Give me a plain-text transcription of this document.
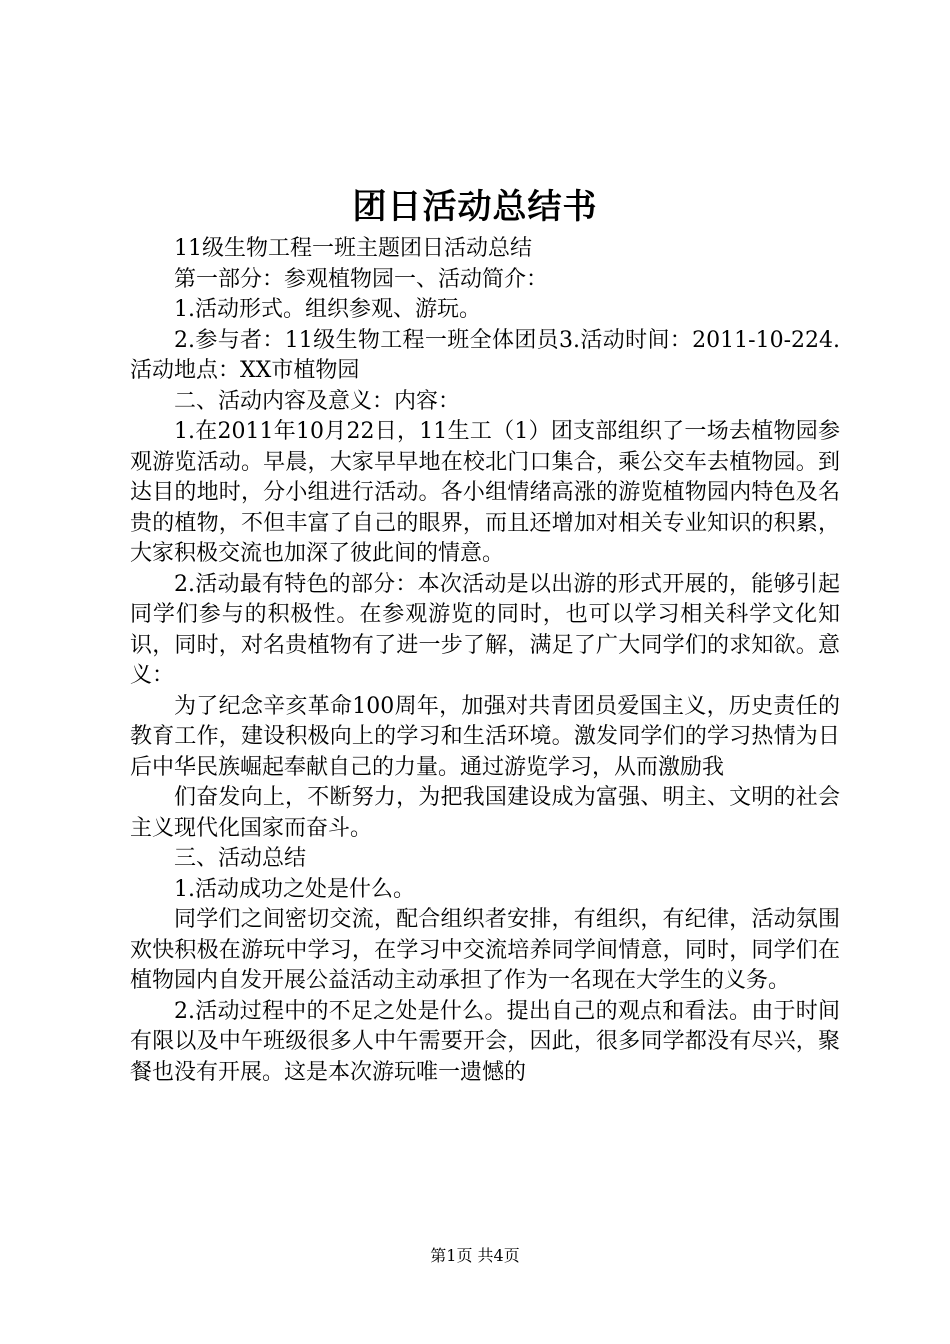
团日活动总结书

11级生物工程一班主题团日活动总结

第一部分：参观植物园一、活动简介：

1.活动形式。组织参观、游玩。

2.参与者：11级生物工程一班全体团员3.活动时间：2011-10-224.活动地点：XX市植物园

二、活动内容及意义：内容：

1.在2011年10月22日，11生工（1）团支部组织了一场去植物园参观游览活动。早晨，大家早早地在校北门口集合，乘公交车去植物园。到达目的地时，分小组进行活动。各小组情绪高涨的游览植物园内特色及名贵的植物，不但丰富了自己的眼界，而且还增加对相关专业知识的积累，大家积极交流也加深了彼此间的情意。

2.活动最有特色的部分：本次活动是以出游的形式开展的，能够引起同学们参与的积极性。在参观游览的同时，也可以学习相关科学文化知识，同时，对名贵植物有了进一步了解，满足了广大同学们的求知欲。意义：

为了纪念辛亥革命100周年，加强对共青团员爱国主义，历史责任的教育工作，建设积极向上的学习和生活环境。激发同学们的学习热情为日后中华民族崛起奉献自己的力量。通过游览学习，从而激励我

们奋发向上，不断努力，为把我国建设成为富强、明主、文明的社会主义现代化国家而奋斗。

三、活动总结

1.活动成功之处是什么。

同学们之间密切交流，配合组织者安排，有组织，有纪律，活动氛围欢快积极在游玩中学习，在学习中交流培养同学间情意，同时，同学们在植物园内自发开展公益活动主动承担了作为一名现在大学生的义务。

2.活动过程中的不足之处是什么。提出自己的观点和看法。由于时间有限以及中午班级很多人中午需要开会，因此，很多同学都没有尽兴，聚餐也没有开展。这是本次游玩唯一遗憾的

第1页 共4页
